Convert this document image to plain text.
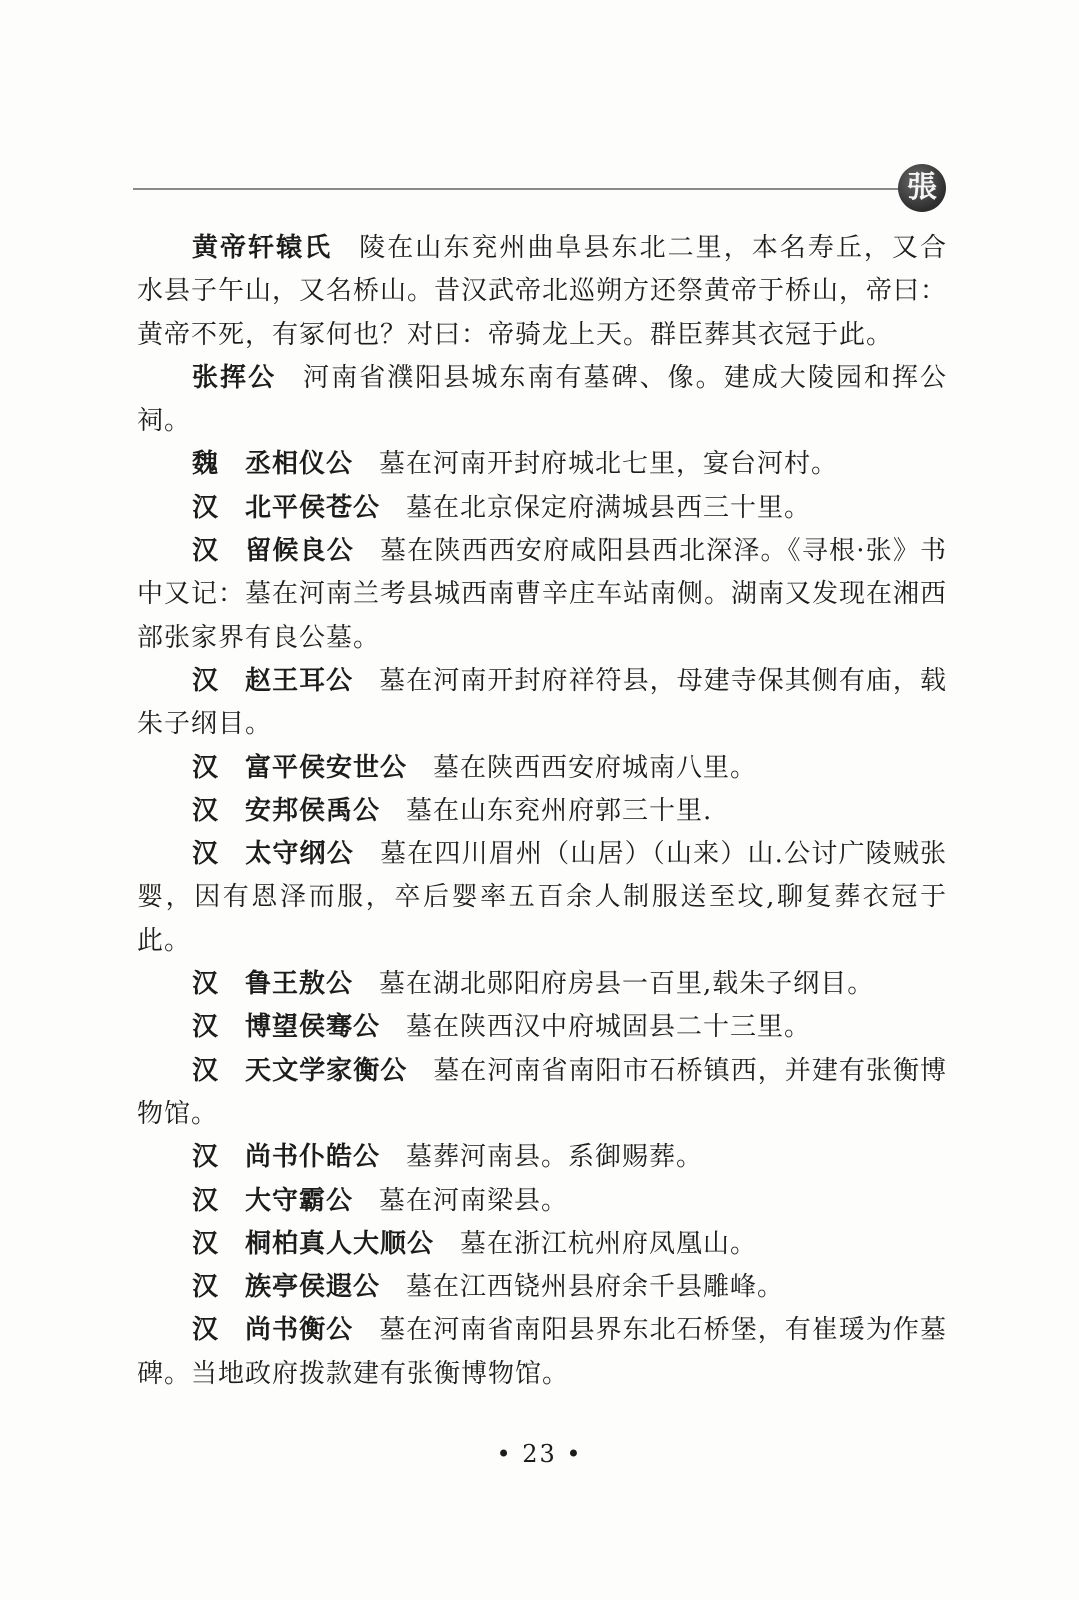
張

黄帝轩辕氏 陵在山东兖州曲阜县东北二里，本名寿丘，又合水县子午山，又名桥山。昔汉武帝北巡朔方还祭黄帝于桥山，帝曰：黄帝不死，有冢何也？对曰：帝骑龙上天。群臣葬其衣冠于此。

张挥公 河南省濮阳县城东南有墓碑、像。建成大陵园和挥公祠。

魏 丞相仪公 墓在河南开封府城北七里，宴台河村。

汉 北平侯苍公 墓在北京保定府满城县西三十里。

汉 留候良公 墓在陕西西安府咸阳县西北深泽。《寻根·张》书中又记：墓在河南兰考县城西南曹辛庄车站南侧。湖南又发现在湘西部张家界有良公墓。

汉 赵王耳公 墓在河南开封府祥符县，母建寺保其侧有庙，载朱子纲目。

汉 富平侯安世公 墓在陕西西安府城南八里。

汉 安邦侯禹公 墓在山东兖州府郭三十里.

汉 太守纲公 墓在四川眉州（山居）（山来）山.公讨广陵贼张婴，因有恩泽而服，卒后婴率五百余人制服送至坟,聊复葬衣冠于此。

汉 鲁王敖公 墓在湖北郧阳府房县一百里,载朱子纲目。

汉 博望侯骞公 墓在陕西汉中府城固县二十三里。

汉 天文学家衡公 墓在河南省南阳市石桥镇西，并建有张衡博物馆。

汉 尚书仆皓公 墓葬河南县。系御赐葬。

汉 大守霸公 墓在河南梁县。

汉 桐柏真人大顺公 墓在浙江杭州府凤凰山。

汉 族亭侯遐公 墓在江西铙州县府余千县雕峰。

汉 尚书衡公 墓在河南省南阳县界东北石桥堡，有崔瑗为作墓碑。当地政府拨款建有张衡博物馆。

• 23 •
